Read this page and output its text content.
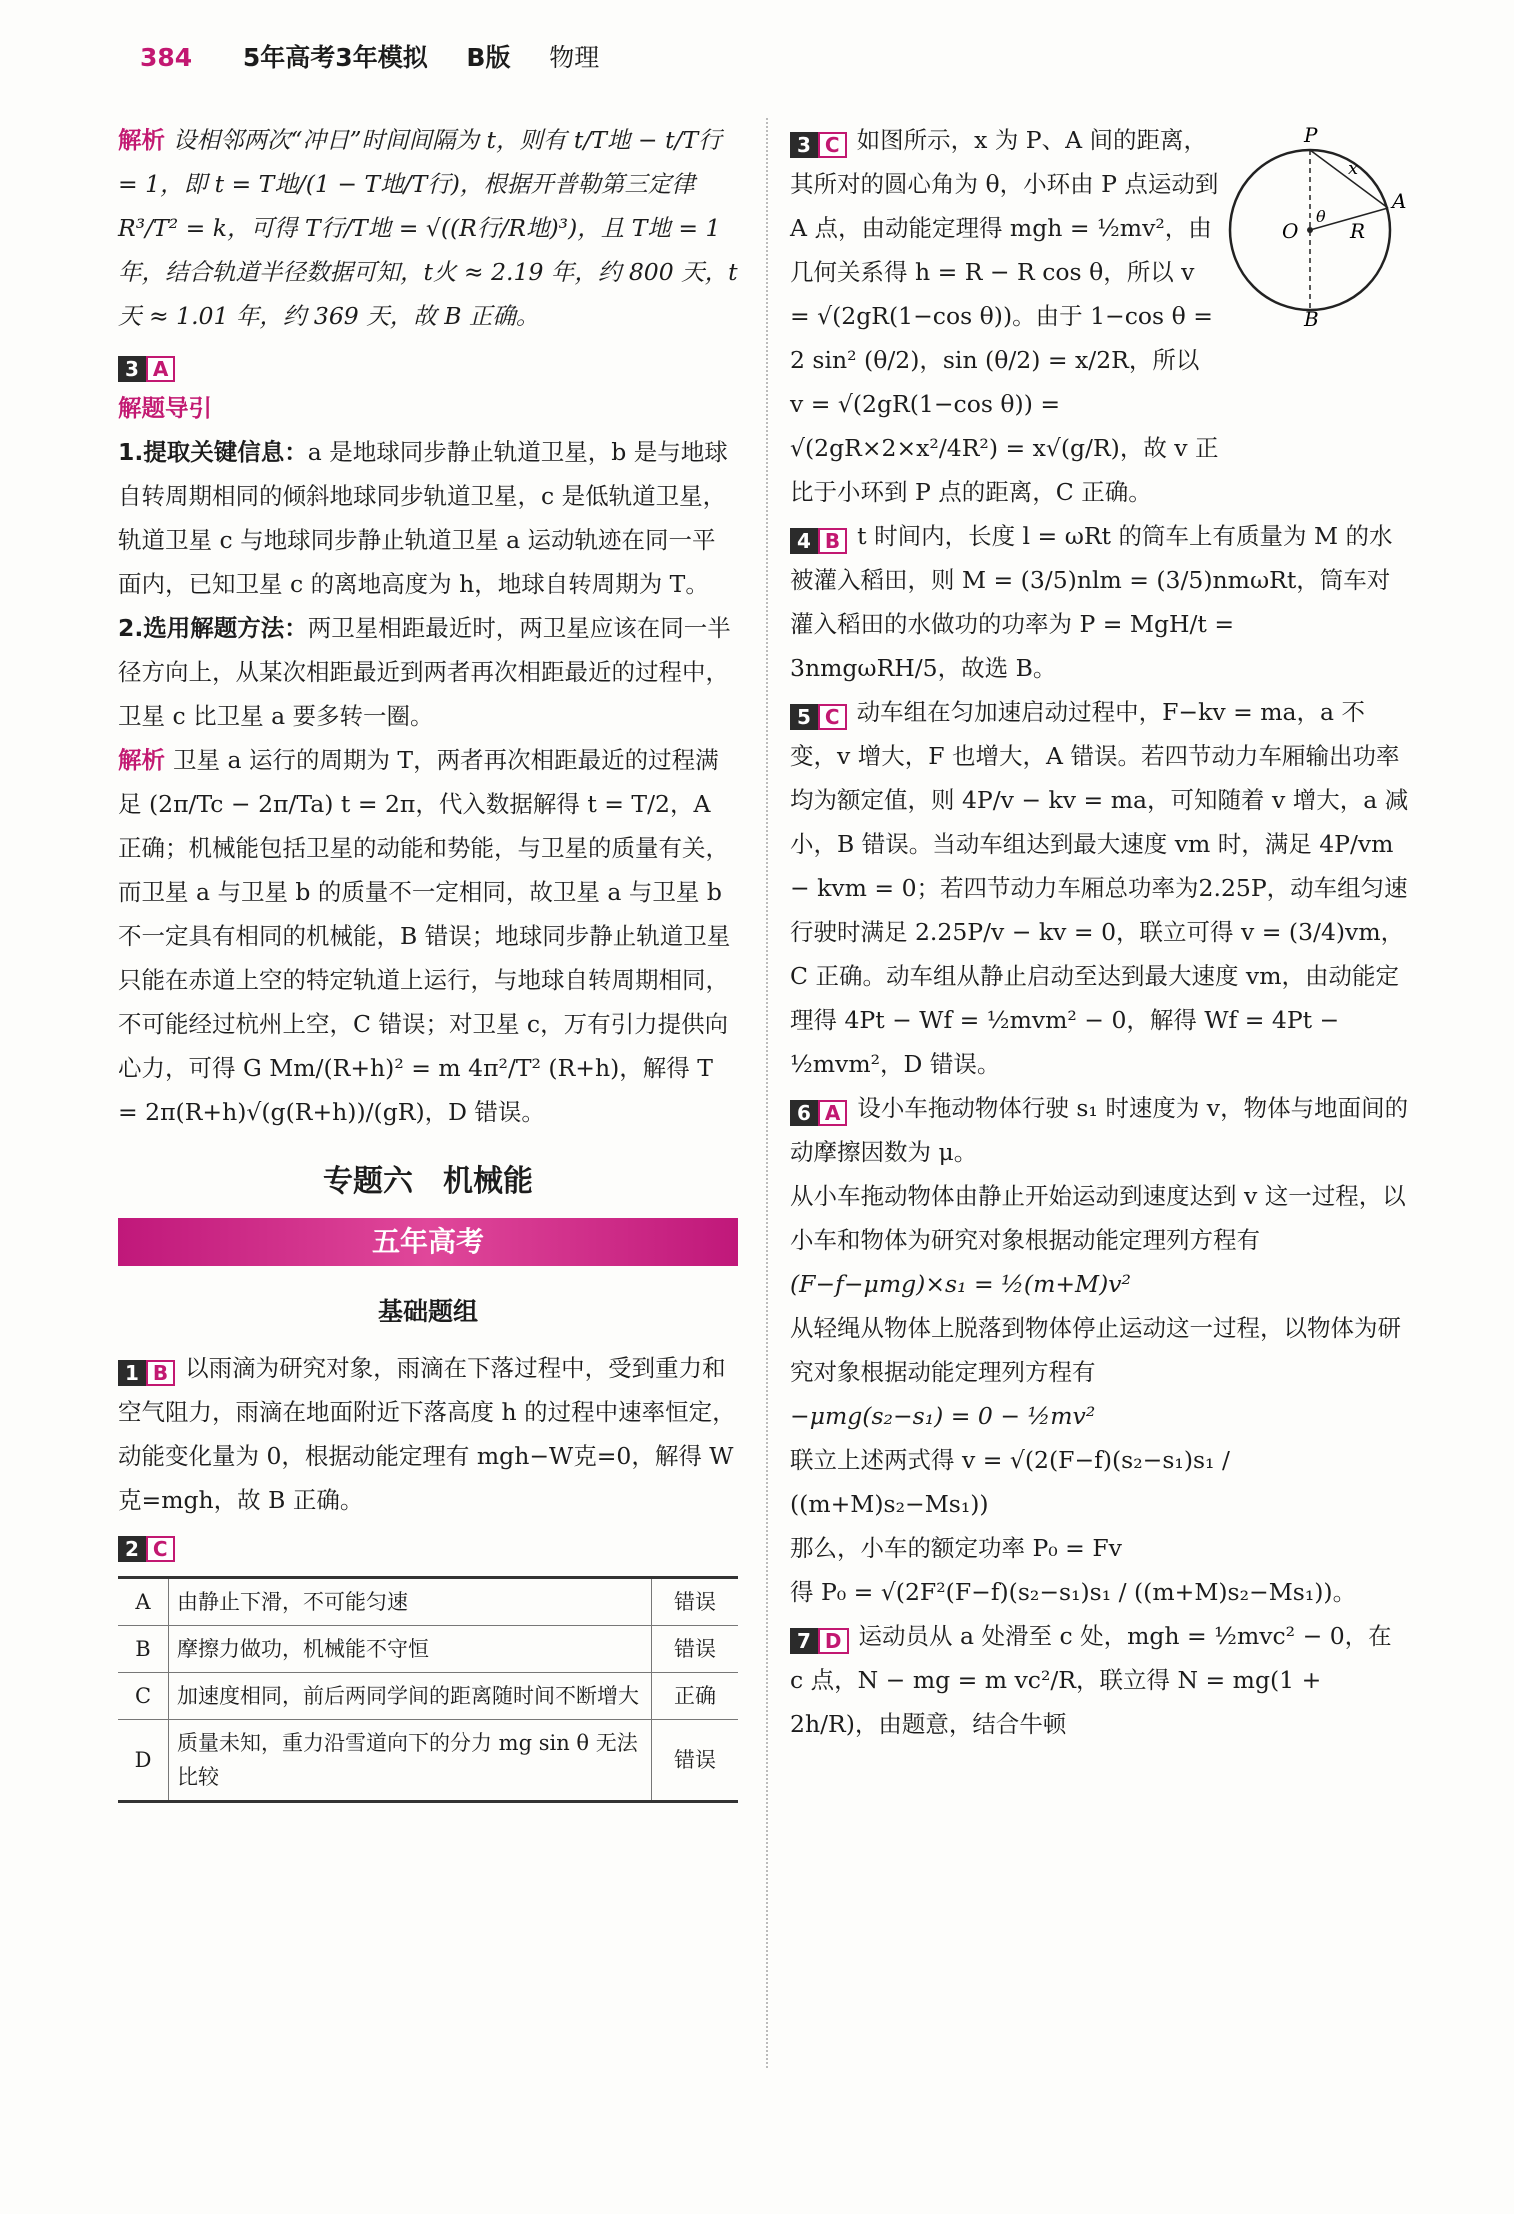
384 5年高考3年模拟 B版 物理

解析 设相邻两次“冲日”时间间隔为 t，则有 t/T地 − t/T行 = 1，即 t = T地/(1 − T地/T行)，根据开普勒第三定律 R³/T² = k，可得 T行/T地 = √((R行/R地)³)，且 T地 = 1 年，结合轨道半径数据可知，t火 ≈ 2.19 年，约 800 天，t天 ≈ 1.01 年，约 369 天，故 B 正确。

3 A
解题导引

1.提取关键信息：a 是地球同步静止轨道卫星，b 是与地球自转周期相同的倾斜地球同步轨道卫星，c 是低轨道卫星，轨道卫星 c 与地球同步静止轨道卫星 a 运动轨迹在同一平面内，已知卫星 c 的离地高度为 h，地球自转周期为 T。

2.选用解题方法：两卫星相距最近时，两卫星应该在同一半径方向上，从某次相距最近到两者再次相距最近的过程中，卫星 c 比卫星 a 要多转一圈。

解析 卫星 a 运行的周期为 T，两者再次相距最近的过程满足 (2π/Tc − 2π/Ta) t = 2π，代入数据解得 t = T/2，A 正确；机械能包括卫星的动能和势能，与卫星的质量有关，而卫星 a 与卫星 b 的质量不一定相同，故卫星 a 与卫星 b 不一定具有相同的机械能，B 错误；地球同步静止轨道卫星只能在赤道上空的特定轨道上运行，与地球自转周期相同，不可能经过杭州上空，C 错误；对卫星 c，万有引力提供向心力，可得 G Mm/(R+h)² = m 4π²/T² (R+h)，解得 T = 2π(R+h)√(g(R+h))/(gR)，D 错误。

专题六　机械能
五年高考
基础题组

1 B 以雨滴为研究对象，雨滴在下落过程中，受到重力和空气阻力，雨滴在地面附近下落高度 h 的过程中速率恒定，动能变化量为 0，根据动能定理有 mgh−W克=0，解得 W克=mgh，故 B 正确。

2 C
A	由静止下滑，不可能匀速	错误
B	摩擦力做功，机械能不守恒	错误
C	加速度相同，前后两同学间的距离随时间不断增大	正确
D	质量未知，重力沿雪道向下的分力 mg sin θ 无法比较	错误
P
A
B
O	R
x
θ

3 C 如图所示，x 为 P、A 间的距离，其所对的圆心角为 θ，小环由 P 点运动到 A 点，由动能定理得 mgh = ½mv²，由几何关系得 h = R − R cos θ，所以 v = √(2gR(1−cos θ))。由于 1−cos θ = 2 sin² (θ/2)，sin (θ/2) = x/2R，所以 v = √(2gR(1−cos θ)) = √(2gR×2×x²/4R²) = x√(g/R)，故 v 正比于小环到 P 点的距离，C 正确。

4 B t 时间内，长度 l = ωRt 的筒车上有质量为 M 的水被灌入稻田，则 M = (3/5)nlm = (3/5)nmωRt，筒车对灌入稻田的水做功的功率为 P = MgH/t = 3nmgωRH/5，故选 B。

5 C 动车组在匀加速启动过程中，F−kv = ma，a 不变，v 增大，F 也增大，A 错误。若四节动力车厢输出功率均为额定值，则 4P/v − kv = ma，可知随着 v 增大，a 减小，B 错误。当动车组达到最大速度 vm 时，满足 4P/vm − kvm = 0；若四节动力车厢总功率为2.25P，动车组匀速行驶时满足 2.25P/v − kv = 0，联立可得 v = (3/4)vm，C 正确。动车组从静止启动至达到最大速度 vm，由动能定理得 4Pt − Wf = ½mvm² − 0，解得 Wf = 4Pt − ½mvm²，D 错误。

6 A 设小车拖动物体行驶 s₁ 时速度为 v，物体与地面间的动摩擦因数为 μ。

从小车拖动物体由静止开始运动到速度达到 v 这一过程，以小车和物体为研究对象根据动能定理列方程有

(F−f−μmg)×s₁ = ½(m+M)v²

从轻绳从物体上脱落到物体停止运动这一过程，以物体为研究对象根据动能定理列方程有

−μmg(s₂−s₁) = 0 − ½mv²

联立上述两式得 v = √(2(F−f)(s₂−s₁)s₁ / ((m+M)s₂−Ms₁))

那么，小车的额定功率 P₀ = Fv

得 P₀ = √(2F²(F−f)(s₂−s₁)s₁ / ((m+M)s₂−Ms₁))。

7 D 运动员从 a 处滑至 c 处，mgh = ½mvc² − 0，在 c 点，N − mg = m vc²/R，联立得 N = mg(1 + 2h/R)，由题意，结合牛顿
